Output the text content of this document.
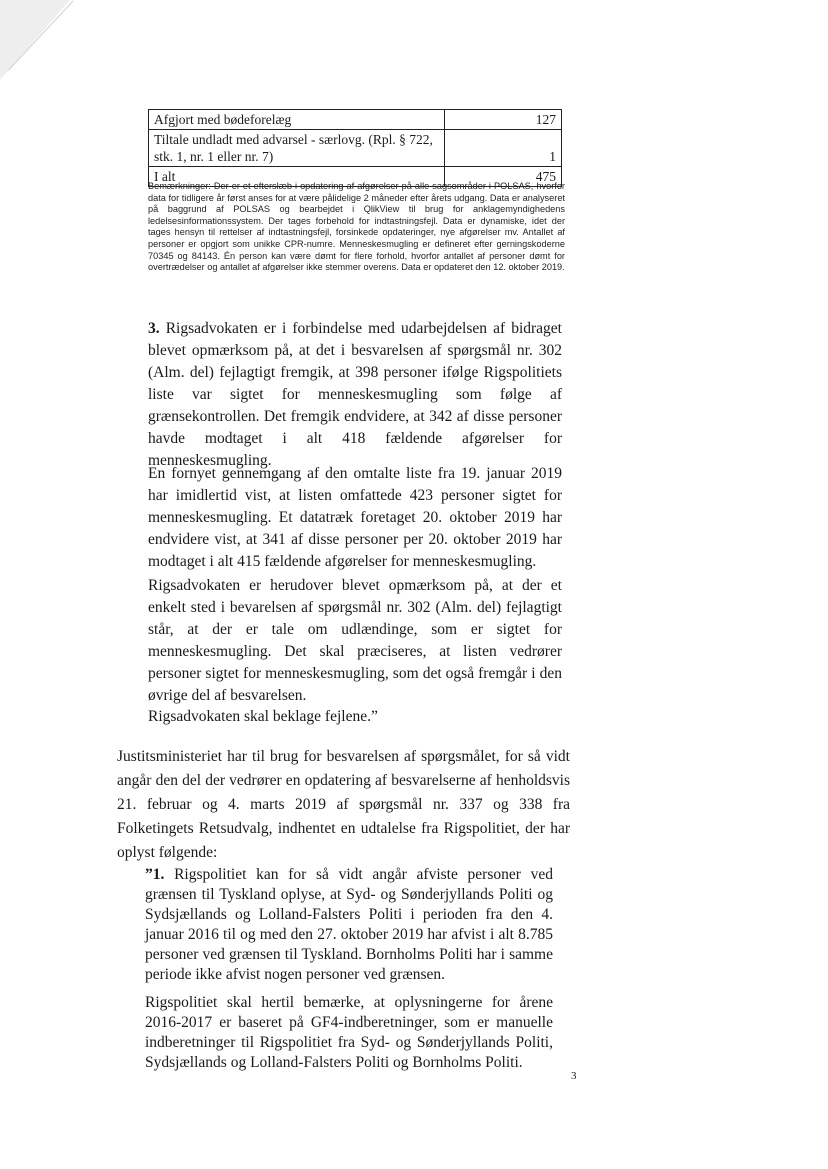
Afgjort med bødeforelæg	127
Tiltale undladt med advarsel - særlovg. (Rpl. § 722, stk. 1, nr. 1 eller nr. 7)	1
I alt	475
Bemærkninger: Der er et efterslæb i opdatering af afgørelser på alle sagsområder i POLSAS, hvorfor data for tidligere år først anses for at være pålidelige 2 måneder efter årets udgang. Data er analyseret på baggrund af POLSAS og bearbejdet i QlikView til brug for anklagemyndighedens ledelsesinformationssystem. Der tages forbehold for indtastningsfejl. Data er dynamiske, idet der tages hensyn til rettelser af indtastningsfejl, forsinkede opdateringer, nye afgørelser mv. Antallet af personer er opgjort som unikke CPR-numre. Menneskesmugling er defineret efter gerningskoderne 70345 og 84143. Én person kan være dømt for flere forhold, hvorfor antallet af personer dømt for overtrædelser og antallet af afgørelser ikke stemmer overens. Data er opdateret den 12. oktober 2019.
3. Rigsadvokaten er i forbindelse med udarbejdelsen af bidraget blevet opmærksom på, at det i besvarelsen af spørgsmål nr. 302 (Alm. del) fejlagtigt fremgik, at 398 personer ifølge Rigspolitiets liste var sigtet for menneskesmugling som følge af grænsekontrollen. Det fremgik endvidere, at 342 af disse personer havde modtaget i alt 418 fældende afgørelser for menneskesmugling.
En fornyet gennemgang af den omtalte liste fra 19. januar 2019 har imidlertid vist, at listen omfattede 423 personer sigtet for menneskesmugling. Et datatræk foretaget 20. oktober 2019 har endvidere vist, at 341 af disse personer per 20. oktober 2019 har modtaget i alt 415 fældende afgørelser for menneskesmugling.
Rigsadvokaten er herudover blevet opmærksom på, at der et enkelt sted i bevarelsen af spørgsmål nr. 302 (Alm. del) fejlagtigt står, at der er tale om udlændinge, som er sigtet for menneskesmugling. Det skal præciseres, at listen vedrører personer sigtet for menneskesmugling, som det også fremgår i den øvrige del af besvarelsen.
Rigsadvokaten skal beklage fejlene.”
Justitsministeriet har til brug for besvarelsen af spørgsmålet, for så vidt angår den del der vedrører en opdatering af besvarelserne af henholdsvis 21. februar og 4. marts 2019 af spørgsmål nr. 337 og 338 fra Folketingets Retsudvalg, indhentet en udtalelse fra Rigspolitiet, der har oplyst følgende:
”1. Rigspolitiet kan for så vidt angår afviste personer ved grænsen til Tyskland oplyse, at Syd- og Sønderjyllands Politi og Sydsjællands og Lolland-Falsters Politi i perioden fra den 4. januar 2016 til og med den 27. oktober 2019 har afvist i alt 8.785 personer ved grænsen til Tyskland. Bornholms Politi har i samme periode ikke afvist nogen personer ved grænsen.
Rigspolitiet skal hertil bemærke, at oplysningerne for årene 2016-2017 er baseret på GF4-indberetninger, som er manuelle indberetninger til Rigspolitiet fra Syd- og Sønderjyllands Politi, Sydsjællands og Lolland-Falsters Politi og Bornholms Politi.
3
